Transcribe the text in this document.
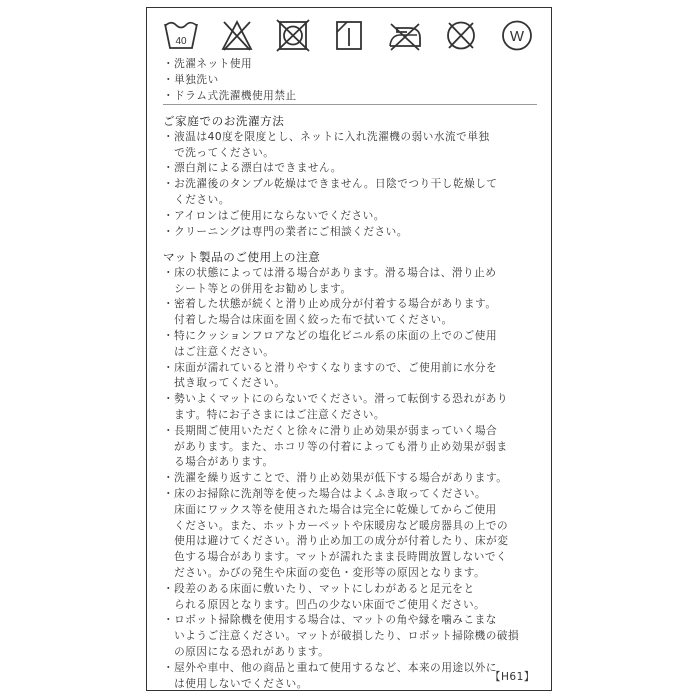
40	W
・洗濯ネット使用
・単独洗い
・ドラム式洗濯機使用禁止
ご家庭でのお洗濯方法
・液温は40度を限度とし、ネットに入れ洗濯機の弱い水流で単独
　で洗ってください。
・漂白剤による漂白はできません。
・お洗濯後のタンブル乾燥はできません。日陰でつり干し乾燥して
　ください。
・アイロンはご使用にならないでください。
・クリーニングは専門の業者にご相談ください。
マット製品のご使用上の注意
・床の状態によっては滑る場合があります。滑る場合は、滑り止め
　シート等との併用をお勧めします。
・密着した状態が続くと滑り止め成分が付着する場合があります。
　付着した場合は床面を固く絞った布で拭いてください。
・特にクッションフロアなどの塩化ビニル系の床面の上でのご使用
　はご注意ください。
・床面が濡れていると滑りやすくなりますので、ご使用前に水分を
　拭き取ってください。
・勢いよくマットにのらないでください。滑って転倒する恐れがあり
　ます。特にお子さまにはご注意ください。
・長期間ご使用いただくと徐々に滑り止め効果が弱まっていく場合
　があります。また、ホコリ等の付着によっても滑り止め効果が弱ま
　る場合があります。
・洗濯を繰り返すことで、滑り止め効果が低下する場合があります。
・床のお掃除に洗剤等を使った場合はよくふき取ってください。
　床面にワックス等を使用された場合は完全に乾燥してからご使用
　ください。また、ホットカーペットや床暖房など暖房器具の上での
　使用は避けてください。滑り止め加工の成分が付着したり、床が変
　色する場合があります。マットが濡れたまま長時間放置しないでく
　ださい。かびの発生や床面の変色・変形等の原因となります。
・段差のある床面に敷いたり、マットにしわがあると足元をと
　られる原因となります。凹凸の少ない床面でご使用ください。
・ロボット掃除機を使用する場合は、マットの角や縁を噛みこまな
　いようご注意ください。マットが破損したり、ロボット掃除機の破損
　の原因になる恐れがあります。
・屋外や車中、他の商品と重ねて使用するなど、本来の用途以外に
　は使用しないでください。
【H61】
